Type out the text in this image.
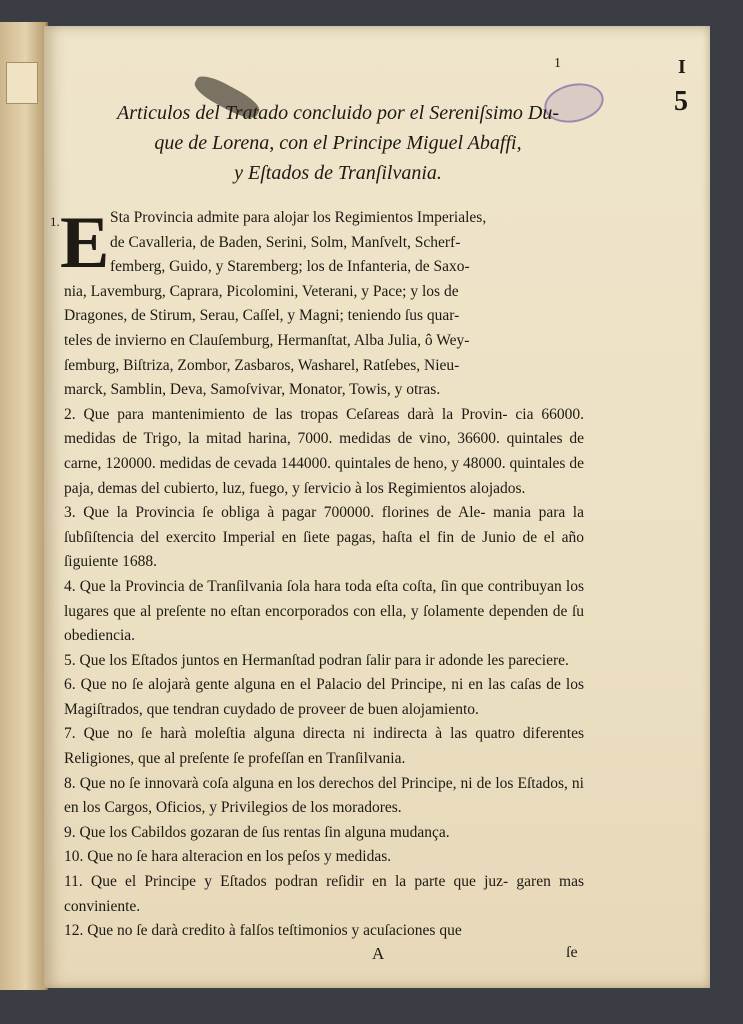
1	I
5
Articulos del Tratado concluido por el Sereniſsimo Du-
que de Lorena, con el Principe Miguel Abaffi,
y Eſtados de Tranſilvania.
1. E Sta Provincia admite para alojar los Regimientos Imperiales,
de Cavalleria, de Baden, Serini, Solm, Manſvelt, Scherf-
femberg, Guido, y Staremberg; los de Infanteria, de Saxo-
nia, Lavemburg, Caprara, Picolomini, Veterani, y Pace; y los de
Dragones, de Stirum, Serau, Caſſel, y Magni; teniendo ſus quar-
teles de invierno en Clauſemburg, Hermanſtat, Alba Julia, ô Wey-
ſemburg, Biſtriza, Zombor, Zasbaros, Washarel, Ratſebes, Nieu-
marck, Samblin, Deva, Samoſvivar, Monator, Towis, y otras.

2. Que para mantenimiento de las tropas Ceſareas darà la Provin- cia 66000. medidas de Trigo, la mitad harina, 7000. medidas de vino, 36600. quintales de carne, 120000. medidas de cevada 144000. quintales de heno, y 48000. quintales de paja, demas del cubierto, luz, fuego, y ſervicio à los Regimientos alojados.

3. Que la Provincia ſe obliga à pagar 700000. florines de Ale- mania para la ſubſiſtencia del exercito Imperial en ſiete pagas, haſta el fin de Junio de el año ſiguiente 1688.

4. Que la Provincia de Tranſilvania ſola hara toda eſta coſta, ſin que contribuyan los lugares que al preſente no eſtan encorporados con ella, y ſolamente dependen de ſu obediencia.

5. Que los Eſtados juntos en Hermanſtad podran ſalir para ir adonde les pareciere.

6. Que no ſe alojarà gente alguna en el Palacio del Principe, ni en las caſas de los Magiſtrados, que tendran cuydado de proveer de buen alojamiento.

7. Que no ſe harà moleſtia alguna directa ni indirecta à las quatro diferentes Religiones, que al preſente ſe profeſſan en Tranſilvania.

8. Que no ſe innovarà coſa alguna en los derechos del Principe, ni de los Eſtados, ni en los Cargos, Oficios, y Privilegios de los moradores.

9. Que los Cabildos gozaran de ſus rentas ſin alguna mudança.

10. Que no ſe hara alteracion en los peſos y medidas.

11. Que el Principe y Eſtados podran reſidir en la parte que juz- garen mas conviniente.

12. Que no ſe darà credito à falſos teſtimonios y acuſaciones que

A	ſe
